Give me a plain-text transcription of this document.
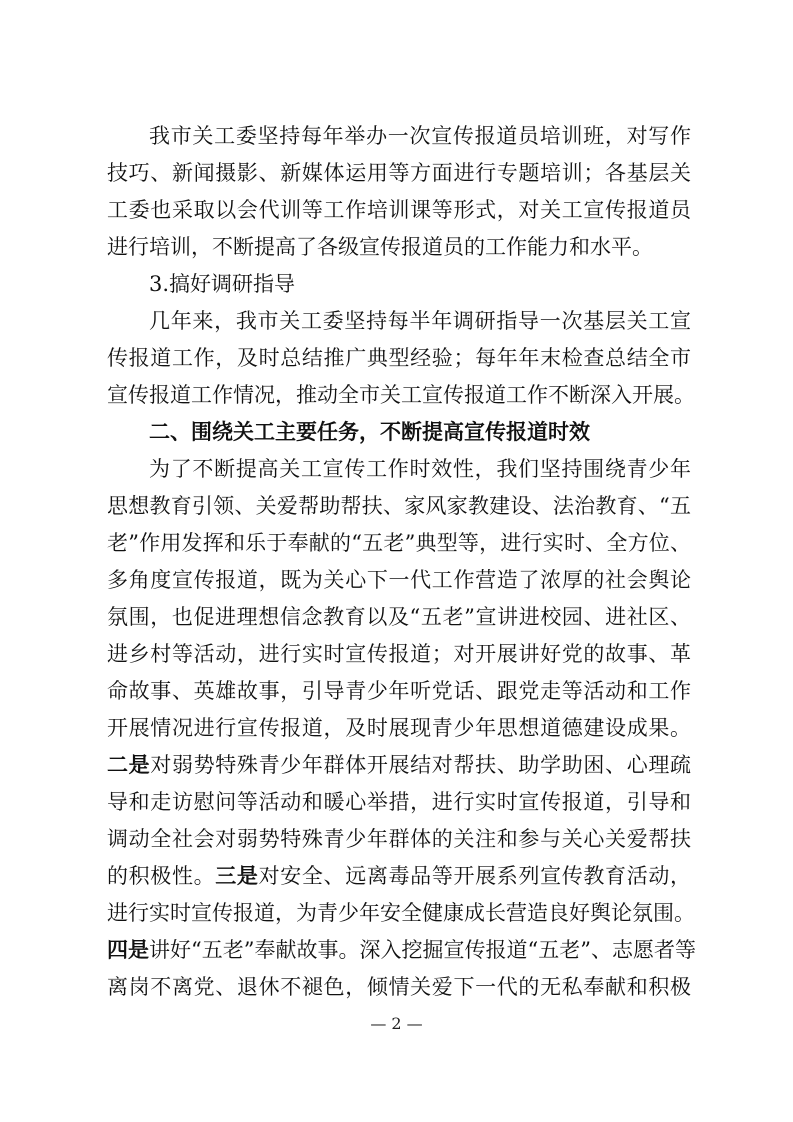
我市关工委坚持每年举办一次宣传报道员培训班，对写作
技巧、新闻摄影、新媒体运用等方面进行专题培训；各基层关
工委也采取以会代训等工作培训课等形式，对关工宣传报道员
进行培训，不断提高了各级宣传报道员的工作能力和水平。
3.搞好调研指导
几年来，我市关工委坚持每半年调研指导一次基层关工宣
传报道工作，及时总结推广典型经验；每年年末检查总结全市
宣传报道工作情况，推动全市关工宣传报道工作不断深入开展。
二、围绕关工主要任务，不断提高宣传报道时效
为了不断提高关工宣传工作时效性，我们坚持围绕青少年
思想教育引领、关爱帮助帮扶、家风家教建设、法治教育、“五
老”作用发挥和乐于奉献的“五老”典型等，进行实时、全方位、
多角度宣传报道，既为关心下一代工作营造了浓厚的社会舆论
氛围，也促进理想信念教育以及“五老”宣讲进校园、进社区、
进乡村等活动，进行实时宣传报道；对开展讲好党的故事、革
命故事、英雄故事，引导青少年听党话、跟党走等活动和工作
开展情况进行宣传报道，及时展现青少年思想道德建设成果。
二是对弱势特殊青少年群体开展结对帮扶、助学助困、心理疏
导和走访慰问等活动和暖心举措，进行实时宣传报道，引导和
调动全社会对弱势特殊青少年群体的关注和参与关心关爱帮扶
的积极性。三是对安全、远离毒品等开展系列宣传教育活动，
进行实时宣传报道，为青少年安全健康成长营造良好舆论氛围。
四是讲好“五老”奉献故事。深入挖掘宣传报道“五老”、志愿者等
离岗不离党、退休不褪色，倾情关爱下一代的无私奉献和积极
— 2 —
